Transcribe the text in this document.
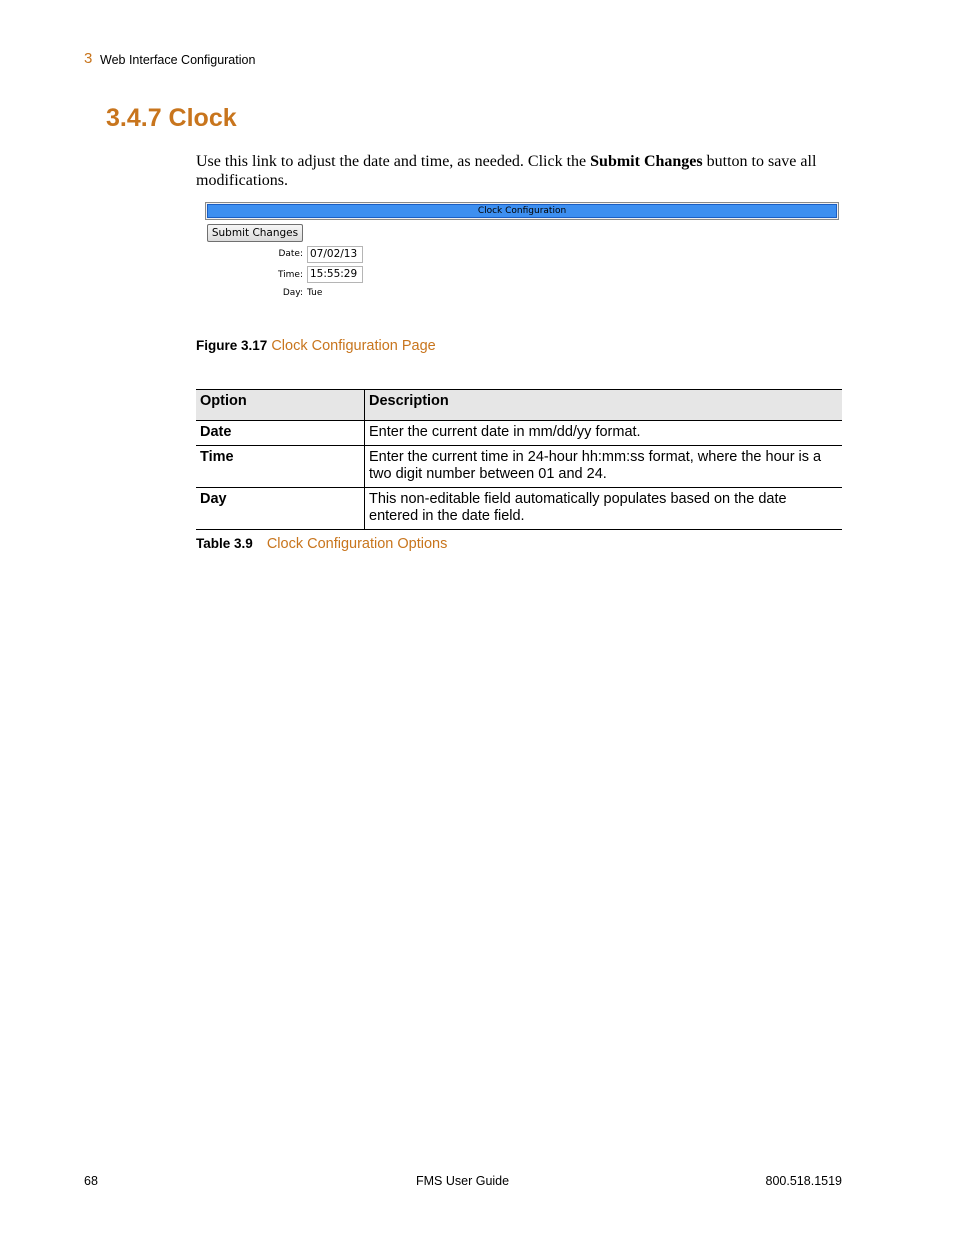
3 Web Interface Configuration
3.4.7 Clock
Use this link to adjust the date and time, as needed. Click the Submit Changes button to save all modifications.
Clock Configuration
Submit Changes
Date: 07/02/13
Time: 15:55:29
Day: Tue
Figure 3.17 Clock Configuration Page
Option	Description
Date	Enter the current date in mm/dd/yy format.
Time	Enter the current time in 24-hour hh:mm:ss format, where the hour is a two digit number between 01 and 24.
Day	This non-editable field automatically populates based on the date entered in the date field.
Table 3.9 Clock Configuration Options
68	FMS User Guide	800.518.1519
